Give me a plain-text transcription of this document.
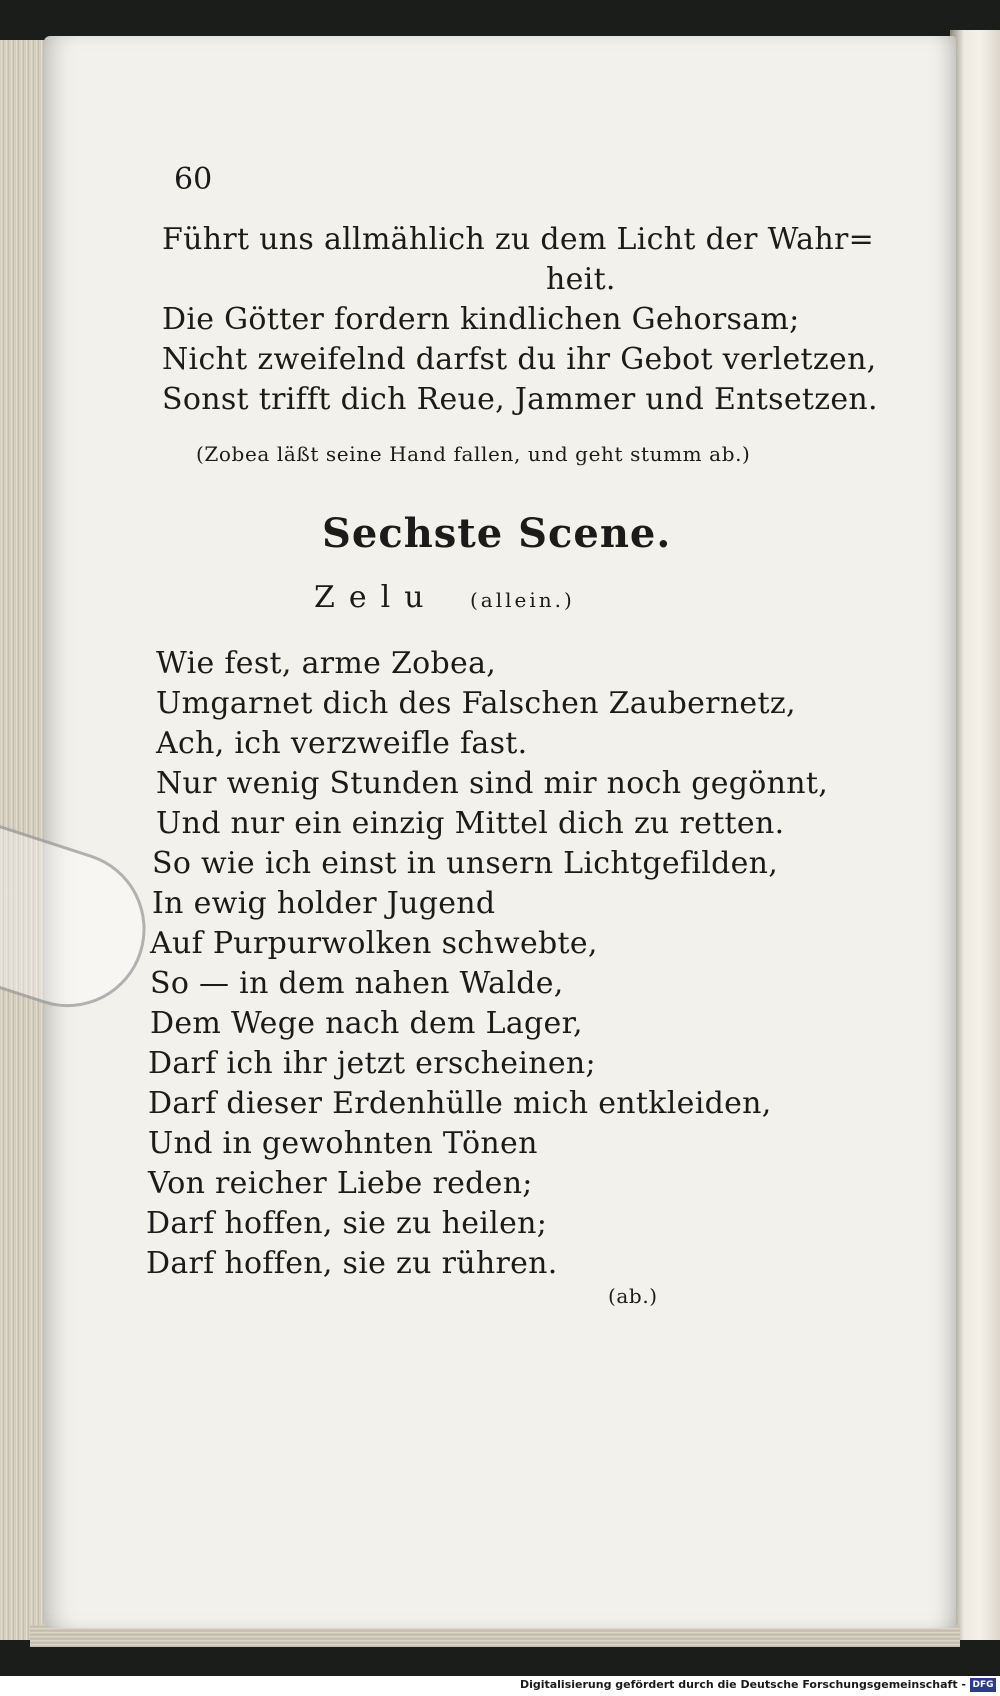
60
Führt uns allmählich zu dem Licht der Wahr=
heit.
Die Götter fordern kindlichen Gehorsam;
Nicht zweifelnd darfst du ihr Gebot verletzen,
Sonst trifft dich Reue, Jammer und Entsetzen.
(Zobea läßt seine Hand fallen, und geht stumm ab.)
Sechste Scene.
Zelu (allein.)
Wie fest, arme Zobea,
Umgarnet dich des Falschen Zaubernetz,
Ach, ich verzweifle fast.
Nur wenig Stunden sind mir noch gegönnt,
Und nur ein einzig Mittel dich zu retten.
So wie ich einst in unsern Lichtgefilden,
In ewig holder Jugend
Auf Purpurwolken schwebte,
So — in dem nahen Walde,
Dem Wege nach dem Lager,
Darf ich ihr jetzt erscheinen;
Darf dieser Erdenhülle mich entkleiden,
Und in gewohnten Tönen
Von reicher Liebe reden;
Darf hoffen, sie zu heilen;
Darf hoffen, sie zu rühren.
(ab.)
Digitalisierung gefördert durch die Deutsche Forschungsgemeinschaft - DFG
